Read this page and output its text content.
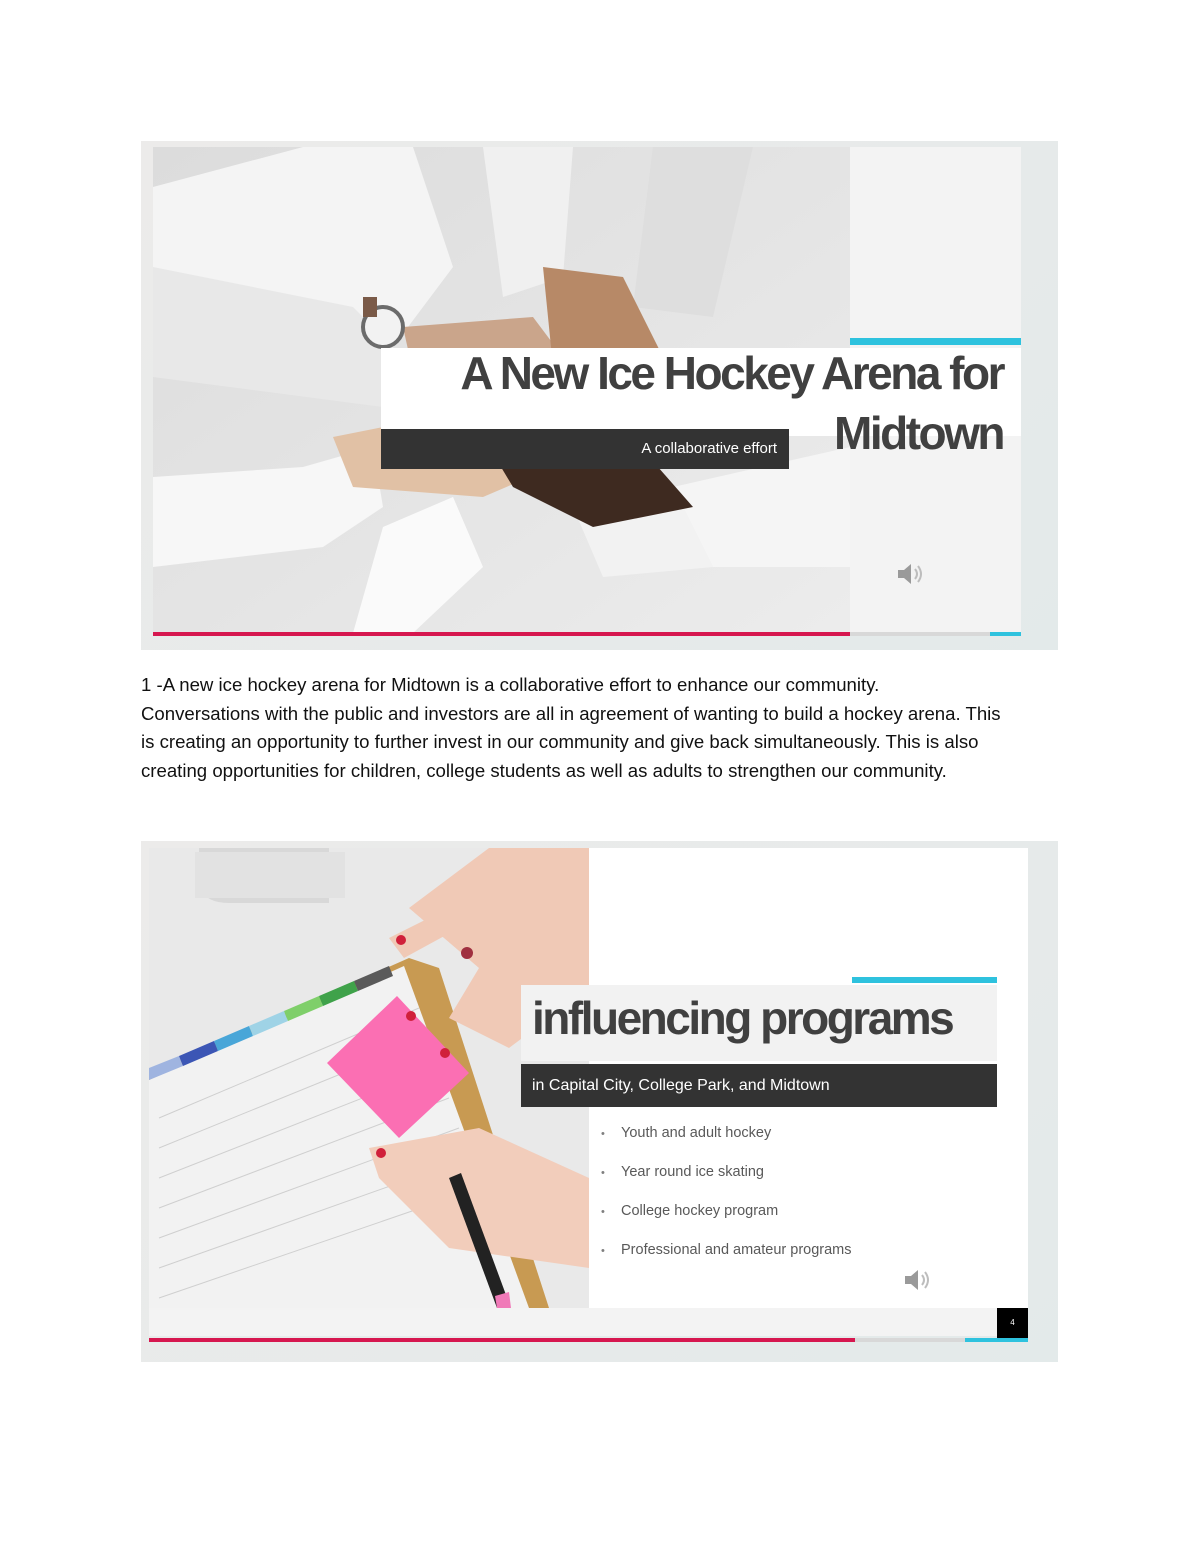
A New Ice Hockey Arena for
Midtown
A collaborative effort
1 -A new ice hockey arena for Midtown is a collaborative effort to enhance our community.
Conversations with the public and investors are all in agreement of wanting to build a hockey arena. This
is creating an opportunity to further invest in our community and give back simultaneously. This is also
creating opportunities for children, college students as well as adults to strengthen our community.
influencing programs
in Capital City, College Park, and Midtown
• Youth and adult hockey
• Year round ice skating
• College hockey program
• Professional and amateur programs
4
